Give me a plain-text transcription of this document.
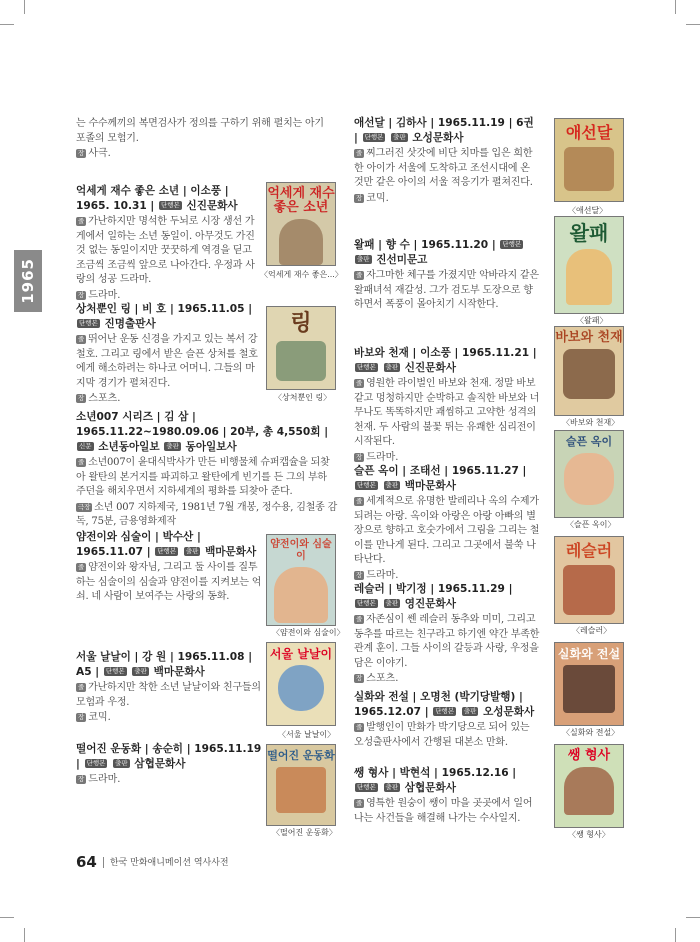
1965
는 수수께끼의 복면검사가 정의를 구하기 위해 펼치는 아기 포졸의 모험기.
장 사극.
억세게 재수 좋은 소년 | 이소풍 | 1965. 10.31 | 단행본 신진문화사
줄 가난하지만 명석한 두뇌로 시장 생선 가게에서 일하는 소년 동일이. 아무것도 가진 것 없는 동일이지만 꿋꿋하게 역경을 딛고 조금씩 조금씩 앞으로 나아간다. 우정과 사랑의 성공 드라마.
장 드라마.
억세게 재수 좋은 소년
〈억세게 재수 좋은...〉
상처뿐인 링 | 비 호 | 1965.11.05 | 단행본 진명출판사
줄 뛰어난 운동 신경을 가지고 있는 복서 강철호. 그리고 링에서 받은 슬픈 상처를 철호에게 해소하려는 하나코 어머니. 그들의 마지막 경기가 펼쳐진다.
장 스포츠.
링
〈상처뿐인 링〉
소년007 시리즈 | 김 삼 | 1965.11.22~1980.09.06 | 20부, 총 4,550회 | 신문 소년동아일보 출판 동아일보사
줄 소년007이 윤대식박사가 만든 비행물체 슈퍼캡슐을 되찾아 왈탄의 본거지를 파괴하고 왈탄에게 빈기를 든 그의 부하 주던을 해치우면서 지하세계의 평화를 되찾아 준다.
극장 소년 007 지하제국, 1981년 7월 개봉, 정수용, 김철종 감독, 75분, 금용영화제작
얌전이와 심술이 | 박수산 | 1965.11.07 | 단행본 출판 백마문화사
줄 얌전이와 왕자님, 그리고 둘 사이를 질투하는 심술이의 심술과 얌전이를 지켜보는 억쇠. 네 사람이 보여주는 사랑의 동화.
얌전이와 심술이
〈얌전이와 심술이〉
서울 날날이 | 강 원 | 1965.11.08 | A5 | 단행본 출판 백마문화사
줄 가난하지만 착한 소년 날날이와 친구들의 모험과 우정.
장 코믹.
서울 날날이
〈서울 날날이〉
떨어진 운동화 | 송순히 | 1965.11.19 | 단행본 출판 삼협문화사
장 드라마.
떨어진 운동화
〈떨어진 운동화〉
애선달 | 김하사 | 1965.11.19 | 6권 | 단행본 출판 오성문화사
줄 찌그러진 삿갓에 비단 치마를 입은 희한한 아이가 서울에 도착하고 조선시대에 온 것만 같은 아이의 서울 적응기가 펼쳐진다.
장 코믹.
애선달
〈애선달〉
왈패 | 향 수 | 1965.11.20 | 단행본 출판 진선미문고
줄 자그마한 체구를 가졌지만 악바라지 같은 왈패녀석 재갈성. 그가 검도부 도장으로 향하면서 폭풍이 몰아치기 시작한다.
왈패
〈왈패〉
바보와 천재 | 이소풍 | 1965.11.21 | 단행본 출판 신진문화사
줄 영원한 라이벌인 바보와 천재. 정말 바보같고 멍청하지만 순박하고 솔직한 바보와 너무나도 똑똑하지만 괘씸하고 고약한 성격의 천재. 두 사람의 불꽃 튀는 유쾌한 심리전이 시작된다.
장 드라마.
바보와 천재
〈바보와 천재〉
슬픈 옥이 | 조태선 | 1965.11.27 | 단행본 출판 백마문화사
줄 세계적으로 유명한 발레리나 옥의 수제가 되려는 아랑. 옥이와 아랑은 아랑 아빠의 별장으로 향하고 호숫가에서 그림을 그리는 철이를 만나게 된다. 그리고 그곳에서 불쑥 나타난다.
장 드라마.
슬픈 옥이
〈슬픈 옥이〉
레슬러 | 박기정 | 1965.11.29 | 단행본 출판 영진문화사
줄 자존심이 쎈 레슬러 동추와 미미, 그리고 동추를 따르는 친구라고 하기엔 약간 부족한 관계 훈이. 그들 사이의 갈등과 사랑, 우정을 담은 이야기.
장 스포츠.
레슬러
〈레슬러〉
실화와 전설 | 오명천 (박기당발행) | 1965.12.07 | 단행본 출판 오성문화사
줄 발행인이 만화가 박기당으로 되어 있는 오성출판사에서 간행된 대본소 만화.
실화와 전설
〈실화와 전설〉
쌩 형사 | 박현석 | 1965.12.16 | 단행본 출판 삼협문화사
줄 영특한 원숭이 쌩이 마을 곳곳에서 일어나는 사건들을 해결해 나가는 수사일지.
쌩 형사
〈쌩 형사〉
64 한국 만화애니메이션 역사사전
